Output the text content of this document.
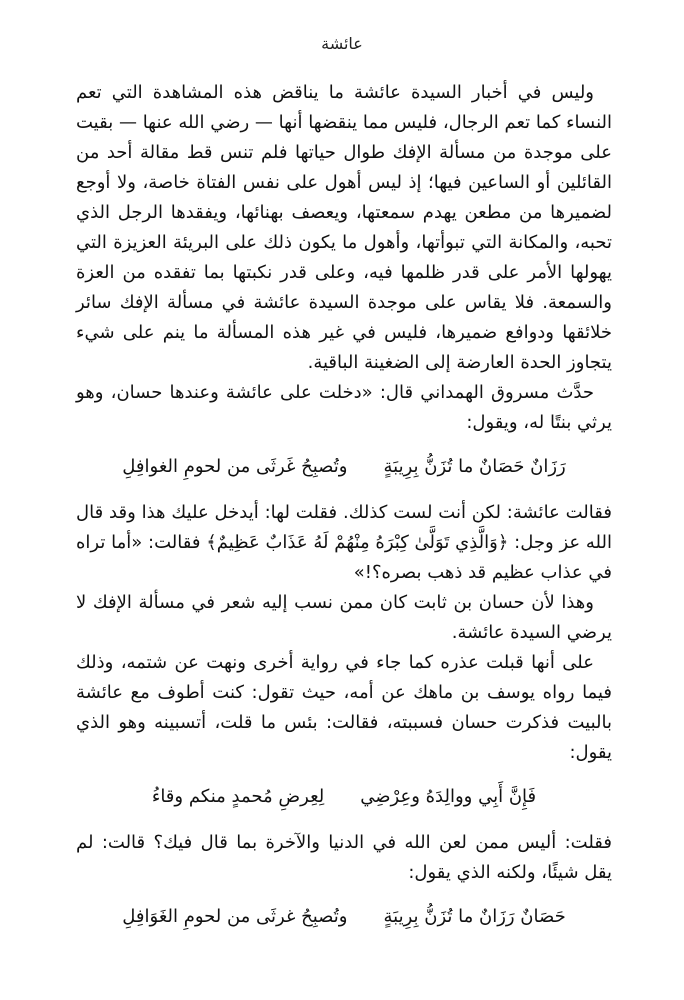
عائشة

وليس في أخبار السيدة عائشة ما يناقض هذه المشاهدة التي تعم النساء كما تعم الرجال، فليس مما ينقضها أنها — رضي الله عنها — بقيت على موجدة من مسألة الإفك طوال حياتها فلم تنس قط مقالة أحد من القائلين أو الساعين فيها؛ إذ ليس أهول على نفس الفتاة خاصة، ولا أوجع لضميرها من مطعن يهدم سمعتها، ويعصف بهنائها، ويفقدها الرجل الذي تحبه، والمكانة التي تبوأتها، وأهول ما يكون ذلك على البريئة العزيزة التي يهولها الأمر على قدر ظلمها فيه، وعلى قدر نكبتها بما تفقده من العزة والسمعة. فلا يقاس على موجدة السيدة عائشة في مسألة الإفك سائر خلائقها ودوافع ضميرها، فليس في غير هذه المسألة ما ينم على شيء يتجاوز الحدة العارضة إلى الضغينة الباقية.

حدَّث مسروق الهمداني قال: «دخلت على عائشة وعندها حسان، وهو يرثي بنتًا له، ويقول:

رَزَانٌ حَصَانٌ ما تُزَنُّ بِرِيبَةٍ
وتُصبِحُ غَرثَى من لحومِ الغوافِلِ

فقالت عائشة: لكن أنت لست كذلك. فقلت لها: أيدخل عليك هذا وقد قال الله عز وجل: ﴿وَالَّذِي تَوَلَّىٰ كِبْرَهُ مِنْهُمْ لَهُ عَذَابٌ عَظِيمٌ﴾ فقالت: «أما تراه في عذاب عظيم قد ذهب بصره؟!»

وهذا لأن حسان بن ثابت كان ممن نسب إليه شعر في مسألة الإفك لا يرضي السيدة عائشة.

على أنها قبلت عذره كما جاء في رواية أخرى ونهت عن شتمه، وذلك فيما رواه يوسف بن ماهك عن أمه، حيث تقول: كنت أطوف مع عائشة بالبيت فذكرت حسان فسببته، فقالت: بئس ما قلت، أتسبينه وهو الذي يقول:

فَإِنَّ أَبِي ووالِدَهُ وعِرْضِي
لِعِرضِ مُحمدٍ منكم وقاءُ

فقلت: أليس ممن لعن الله في الدنيا والآخرة بما قال فيك؟ قالت: لم يقل شيئًا، ولكنه الذي يقول:

حَصَانٌ رَزَانٌ ما تُزَنُّ بِرِيبَةٍ
وتُصبِحُ غرثَى من لحومِ الغَوَافِلِ
